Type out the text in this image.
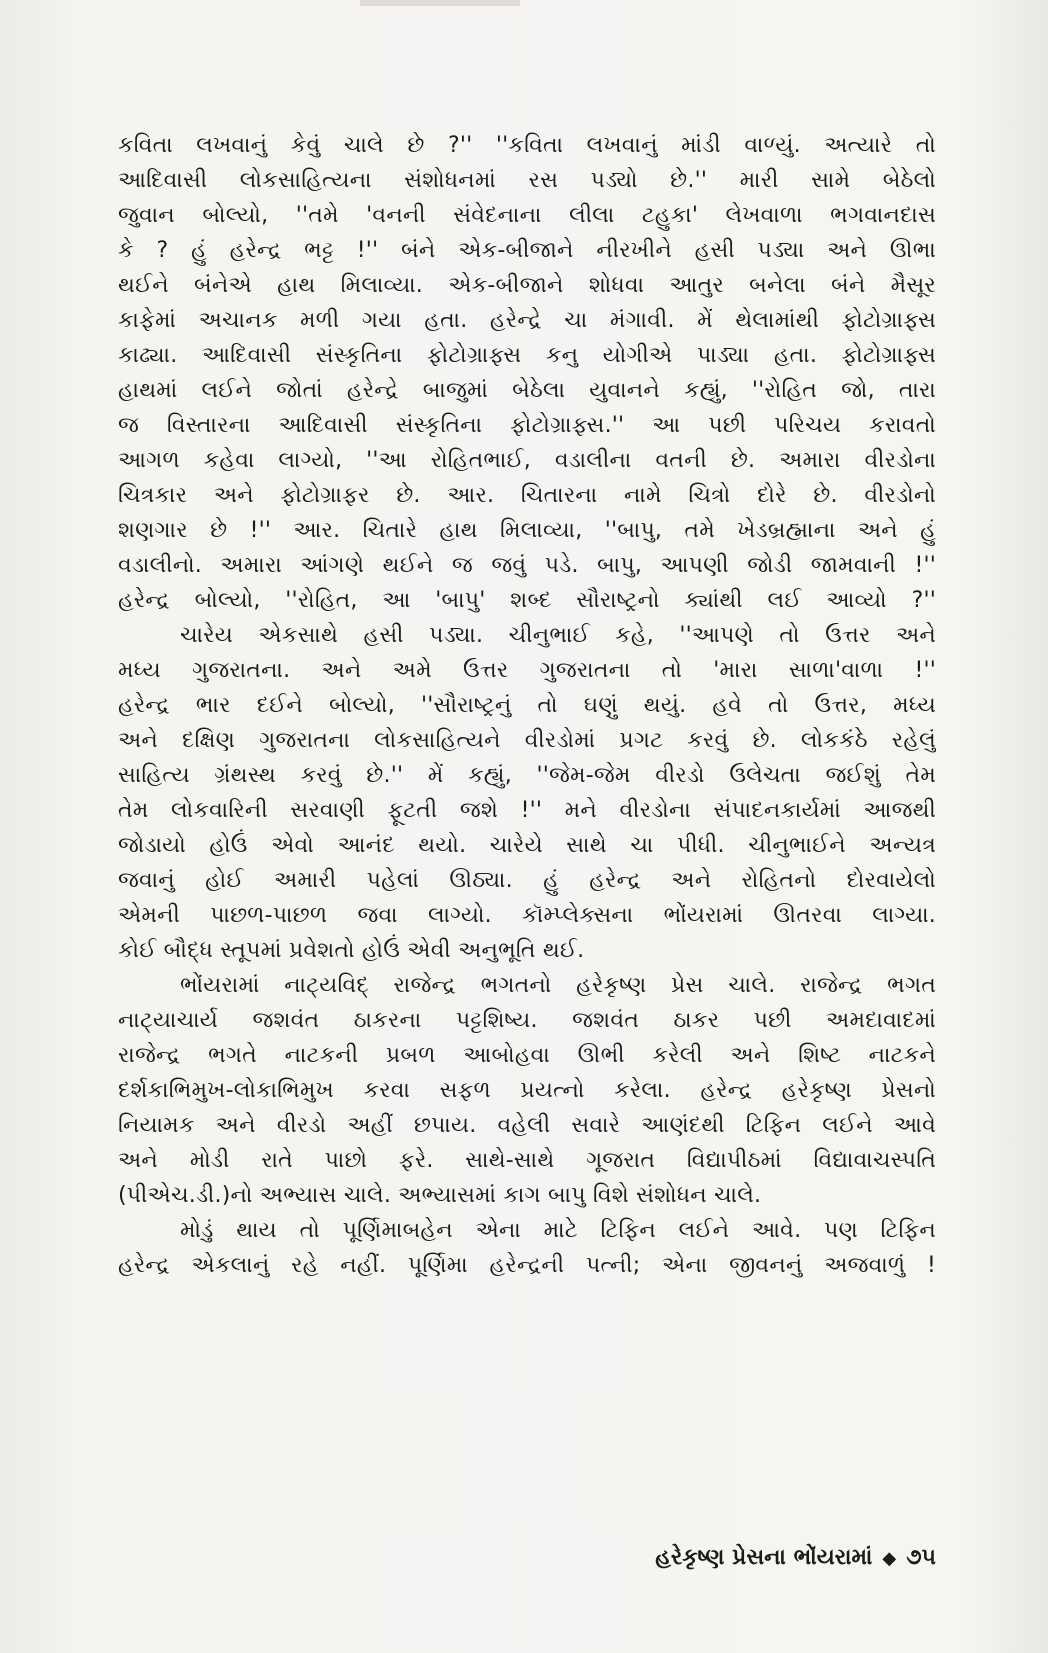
કવિતા લખવાનું કેવું ચાલે છે ?'' ''કવિતા લખવાનું માંડી વાળ્યું. અત્યારે તો
આદિવાસી લોકસાહિત્યના સંશોધનમાં રસ પડ્યો છે.'' મારી સામે બેઠેલો
જુવાન બોલ્યો, ''તમે 'વનની સંવેદનાના લીલા ટહુકા' લેખવાળા ભગવાનદાસ
કે ? હું હરેન્દ્ર ભટ્ટ !'' બંને એક-બીજાને નીરખીને હસી પડ્યા અને ઊભા
થઈને બંનેએ હાથ મિલાવ્યા. એક-બીજાને શોધવા આતુર બનેલા બંને મૈસૂર
કાફેમાં અચાનક મળી ગયા હતા. હરેન્દ્રે ચા મંગાવી. મેં થેલામાંથી ફોટોગ્રાફ્સ
કાઢ્યા. આદિવાસી સંસ્કૃતિના ફોટોગ્રાફ્સ કનુ યોગીએ પાડ્યા હતા. ફોટોગ્રાફ્સ
હાથમાં લઈને જોતાં હરેન્દ્રે બાજુમાં બેઠેલા યુવાનને કહ્યું, ''રોહિત જો, તારા
જ વિસ્તારના આદિવાસી સંસ્કૃતિના ફોટોગ્રાફ્સ.'' આ પછી પરિચય કરાવતો
આગળ કહેવા લાગ્યો, ''આ રોહિતભાઈ, વડાલીના વતની છે. અમારા વીરડોના
ચિત્રકાર અને ફોટોગ્રાફર છે. આર. ચિતારના નામે ચિત્રો દોરે છે. વીરડોનો
શણગાર છે !'' આર. ચિતારે હાથ મિલાવ્યા, ''બાપુ, તમે ખેડબ્રહ્માના અને હું
વડાલીનો. અમારા આંગણે થઈને જ જવું પડે. બાપુ, આપણી જોડી જામવાની !''
હરેન્દ્ર બોલ્યો, ''રોહિત, આ 'બાપુ' શબ્દ સૌરાષ્ટ્રનો ક્યાંથી લઈ આવ્યો ?''
ચારેય એકસાથે હસી પડ્યા. ચીનુભાઈ કહે, ''આપણે તો ઉત્તર અને
મધ્ય ગુજરાતના. અને અમે ઉત્તર ગુજરાતના તો 'મારા સાળા'વાળા !''
હરેન્દ્ર ભાર દઈને બોલ્યો, ''સૌરાષ્ટ્રનું તો ઘણું થયું. હવે તો ઉત્તર, મધ્ય
અને દક્ષિણ ગુજરાતના લોકસાહિત્યને વીરડોમાં પ્રગટ કરવું છે. લોકકંઠે રહેલું
સાહિત્ય ગ્રંથસ્થ કરવું છે.'' મેં કહ્યું, ''જેમ-જેમ વીરડો ઉલેચતા જઈશું તેમ
તેમ લોકવારિની સરવાણી ફૂટતી જશે !'' મને વીરડોના સંપાદનકાર્યમાં આજથી
જોડાયો હોઉં એવો આનંદ થયો. ચારેયે સાથે ચા પીધી. ચીનુભાઈને અન્યત્ર
જવાનું હોઈ અમારી પહેલાં ઊઠ્યા. હું હરેન્દ્ર અને રોહિતનો દોરવાયેલો
એમની પાછળ-પાછળ જવા લાગ્યો. કૉમ્પ્લેક્સના ભોંયરામાં ઊતરવા લાગ્યા.
કોઈ બૌદ્ધ સ્તૂપમાં પ્રવેશતો હોઉં એવી અનુભૂતિ થઈ.
ભોંયરામાં નાટ્યવિદ્ રાજેન્દ્ર ભગતનો હરેકૃષ્ણ પ્રેસ ચાલે. રાજેન્દ્ર ભગત
નાટ્યાચાર્ય જશવંત ઠાકરના પટ્ટશિષ્ય. જશવંત ઠાકર પછી અમદાવાદમાં
રાજેન્દ્ર ભગતે નાટકની પ્રબળ આબોહવા ઊભી કરેલી અને શિષ્ટ નાટકને
દર્શકાભિમુખ-લોકાભિમુખ કરવા સફળ પ્રયત્નો કરેલા. હરેન્દ્ર હરેકૃષ્ણ પ્રેસનો
નિયામક અને વીરડો અહીં છપાય. વહેલી સવારે આણંદથી ટિફિન લઈને આવે
અને મોડી રાતે પાછો ફરે. સાથે-સાથે ગૂજરાત વિદ્યાપીઠમાં વિદ્યાવાચસ્પતિ
(પીએચ.ડી.)નો અભ્યાસ ચાલે. અભ્યાસમાં કાગ બાપુ વિશે સંશોધન ચાલે.
મોડું થાય તો પૂર્ણિમાબહેન એના માટે ટિફિન લઈને આવે. પણ ટિફિન
હરેન્દ્ર એકલાનું રહે નહીં. પૂર્ણિમા હરેન્દ્રની પત્ની; એના જીવનનું અજવાળું !
હરેકૃષ્ણ પ્રેસના ભોંયરામાં ◆ ૭૫
